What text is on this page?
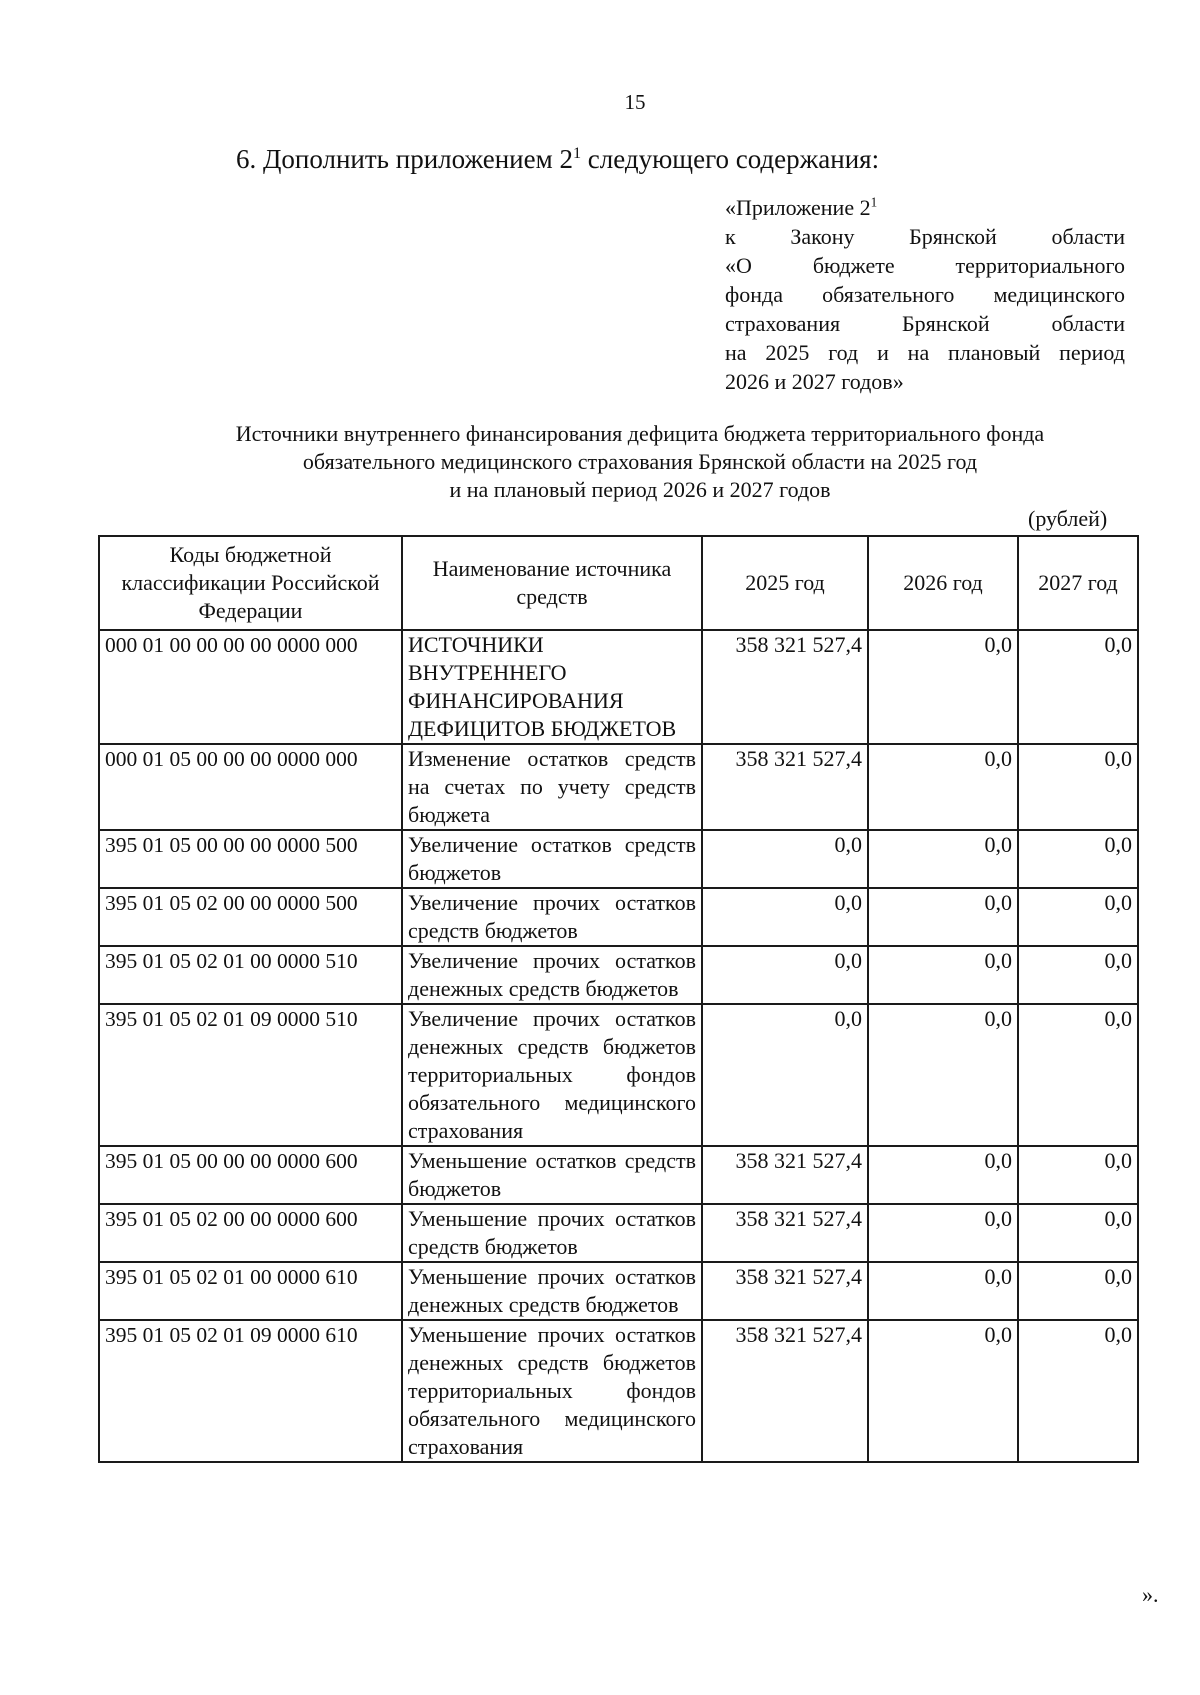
15
6. Дополнить приложением $2^1$ следующего содержания:
«Приложение $2^1$
к Закону Брянской области
«О бюджете территориального
фонда обязательного медицинского
страхования Брянской области
на 2025 год и на плановый период
2026 и 2027 годов»
Источники внутреннего финансирования дефицита бюджета территориального фонда
обязательного медицинского страхования Брянской области на 2025 год
и на плановый период 2026 и 2027 годов
(рублей)
Коды бюджетной классификации Российской Федерации	Наименование источника средств	2025 год	2026 год	2027 год
000 01 00 00 00 00 0000 000	ИСТОЧНИКИ ВНУТРЕННЕГО ФИНАНСИРОВАНИЯ ДЕФИЦИТОВ БЮДЖЕТОВ	358 321 527,4	0,0	0,0
000 01 05 00 00 00 0000 000	Изменение остатков средств на счетах по учету средств бюджета	358 321 527,4	0,0	0,0
395 01 05 00 00 00 0000 500	Увеличение остатков средств бюджетов	0,0	0,0	0,0
395 01 05 02 00 00 0000 500	Увеличение прочих остатков средств бюджетов	0,0	0,0	0,0
395 01 05 02 01 00 0000 510	Увеличение прочих остатков денежных средств бюджетов	0,0	0,0	0,0
395 01 05 02 01 09 0000 510	Увеличение прочих остатков денежных средств бюджетов территориальных фондов обязательного медицинского страхования	0,0	0,0	0,0
395 01 05 00 00 00 0000 600	Уменьшение остатков средств бюджетов	358 321 527,4	0,0	0,0
395 01 05 02 00 00 0000 600	Уменьшение прочих остатков средств бюджетов	358 321 527,4	0,0	0,0
395 01 05 02 01 00 0000 610	Уменьшение прочих остатков денежных средств бюджетов	358 321 527,4	0,0	0,0
395 01 05 02 01 09 0000 610	Уменьшение прочих остатков денежных средств бюджетов территориальных фондов обязательного медицинского страхования	358 321 527,4	0,0	0,0
».
